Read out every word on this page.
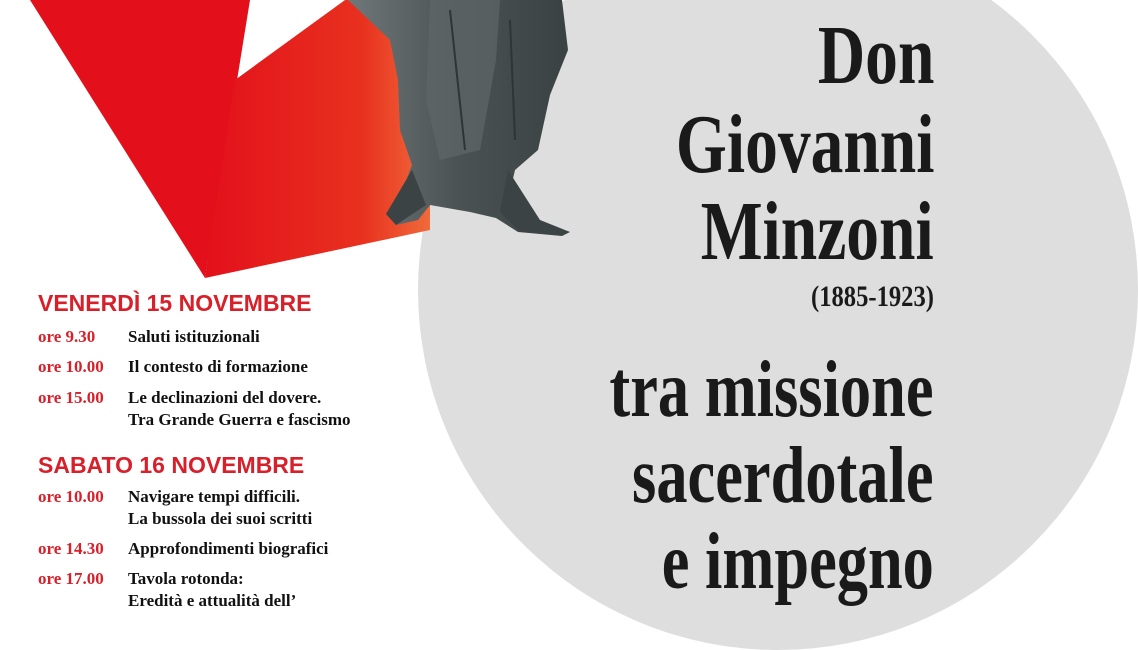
Don
Giovanni
Minzoni
(1885-1923)
tra missione
sacerdotale
e impegno
VENERDÌ 15 NOVEMBRE
ore 9.30 Saluti istituzionali
ore 10.00 Il contesto di formazione
ore 15.00 Le declinazioni del dovere.
Tra Grande Guerra e fascismo
SABATO 16 NOVEMBRE
ore 10.00 Navigare tempi difficili.
La bussola dei suoi scritti
ore 14.30 Approfondimenti biografici
ore 17.00 Tavola rotonda:
Eredità e attualità dell’
